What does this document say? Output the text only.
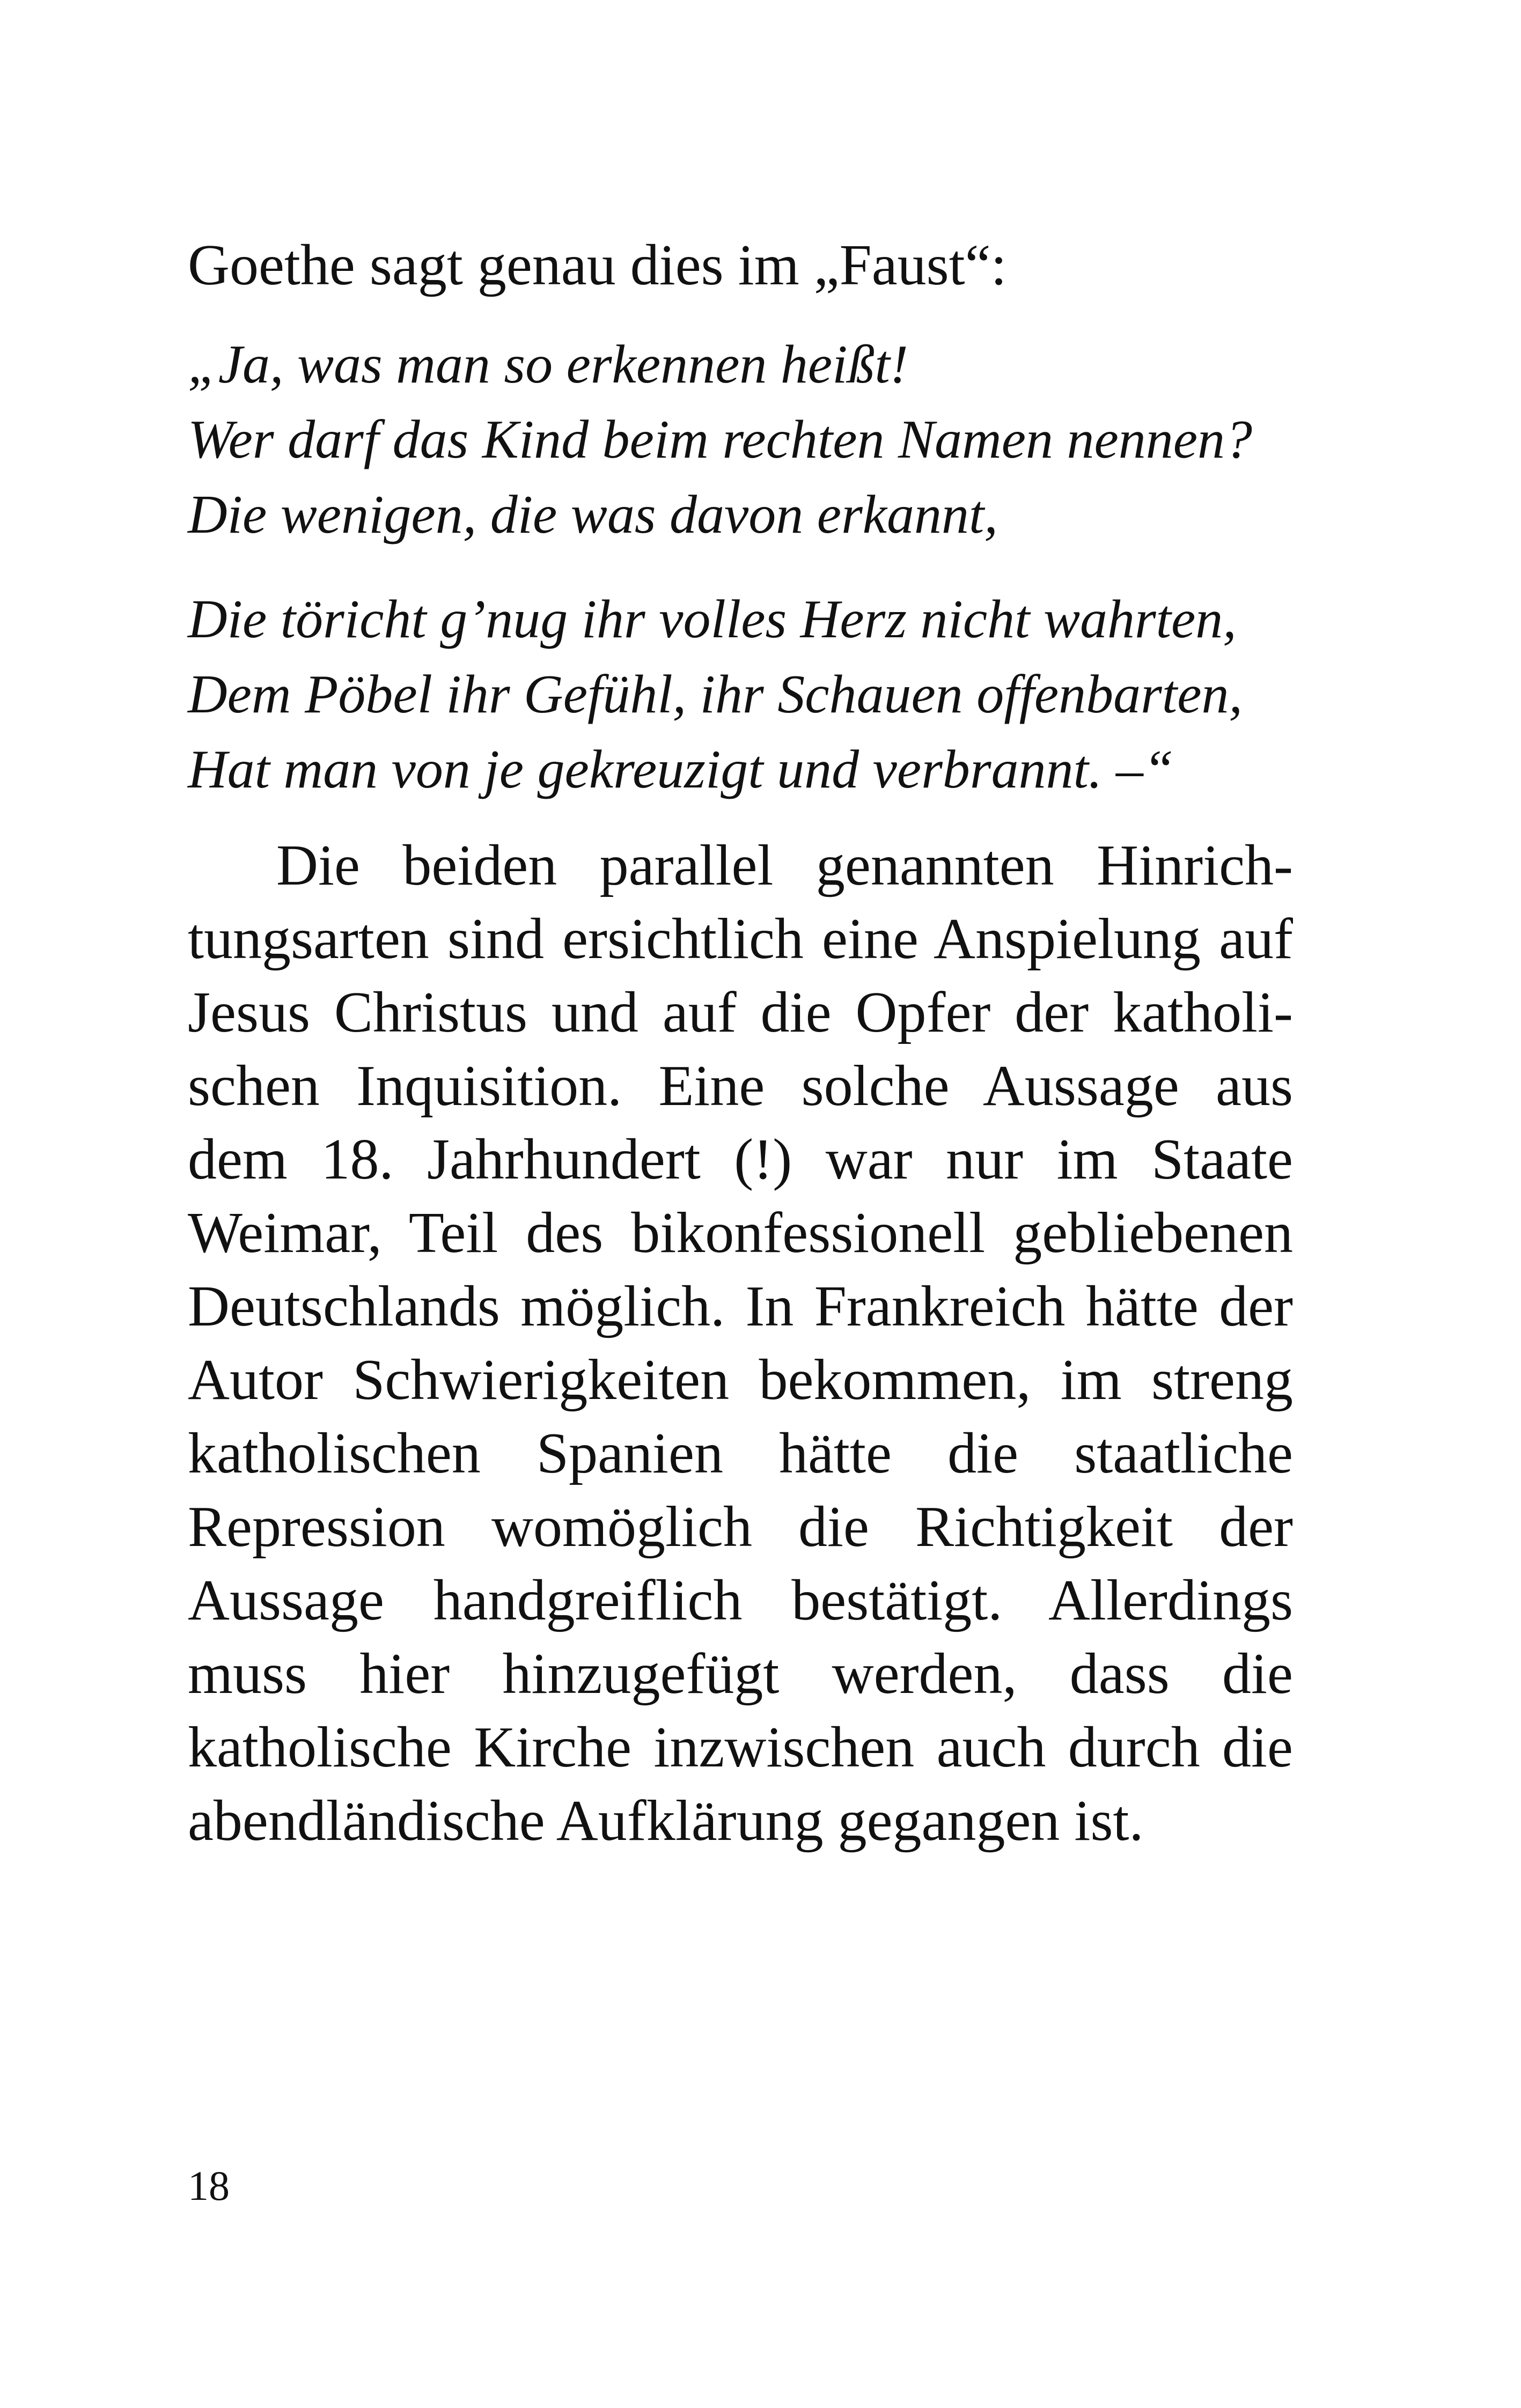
Goethe sagt genau dies im „Faust“:

„Ja, was man so erkennen heißt!
Wer darf das Kind beim rechten Namen nennen?
Die wenigen, die was davon erkannt,

Die töricht g’nug ihr volles Herz nicht wahrten,
Dem Pöbel ihr Gefühl, ihr Schauen offenbarten,
Hat man von je gekreuzigt und verbrannt. –“

Die beiden parallel genannten Hinrichtungsarten sind ersichtlich eine Anspielung auf Jesus Christus und auf die Opfer der katholischen Inquisition. Eine solche Aussage aus dem 18. Jahrhundert (!) war nur im Staate Weimar, Teil des bikonfessionell gebliebenen Deutschlands möglich. In Frankreich hätte der Autor Schwierigkeiten bekommen, im streng katholischen Spanien hätte die staatliche Repression womöglich die Richtigkeit der Aussage handgreiflich bestätigt. Allerdings muss hier hinzugefügt werden, dass die katholische Kirche inzwischen auch durch die abendländische Aufklärung gegangen ist.

18
